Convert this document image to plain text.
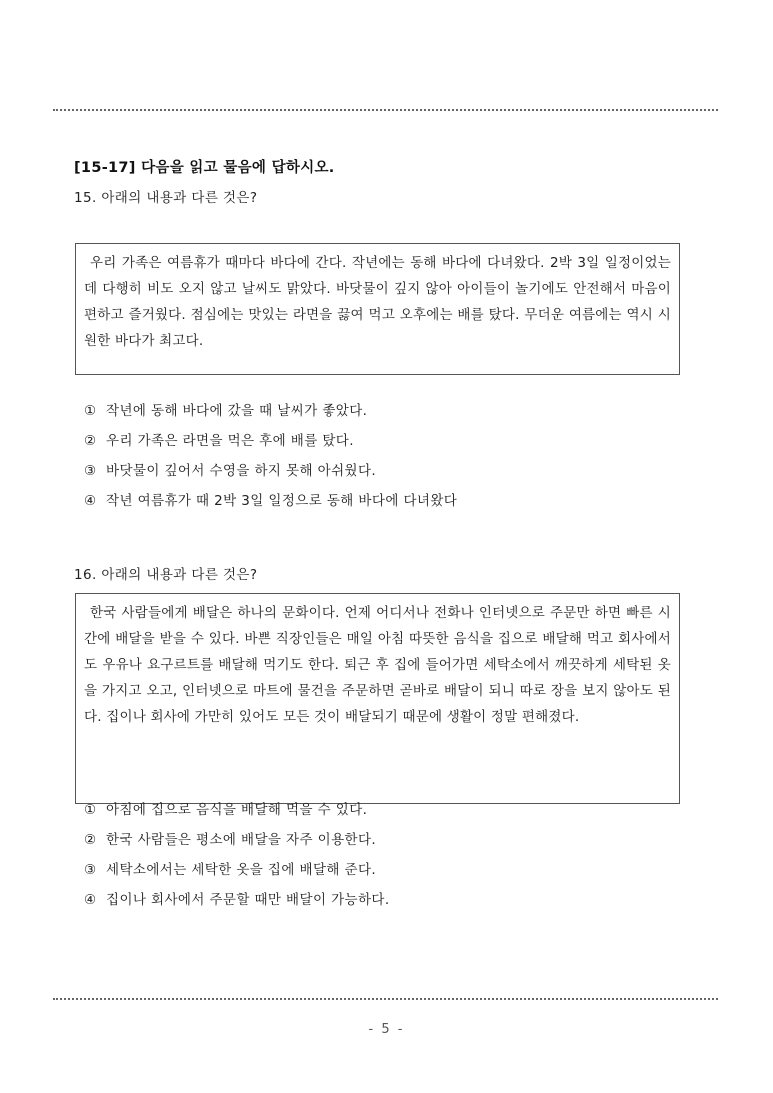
[15-17] 다음을 읽고 물음에 답하시오.
15. 아래의 내용과 다른 것은?
우리 가족은 여름휴가 때마다 바다에 간다. 작년에는 동해 바다에 다녀왔다. 2박 3일 일정이었는데 다행히 비도 오지 않고 날씨도 맑았다. 바닷물이 깊지 않아 아이들이 놀기에도 안전해서 마음이 편하고 즐거웠다. 점심에는 맛있는 라면을 끓여 먹고 오후에는 배를 탔다. 무더운 여름에는 역시 시원한 바다가 최고다.
① 작년에 동해 바다에 갔을 때 날씨가 좋았다.
② 우리 가족은 라면을 먹은 후에 배를 탔다.
③ 바닷물이 깊어서 수영을 하지 못해 아쉬웠다.
④ 작년 여름휴가 때 2박 3일 일정으로 동해 바다에 다녀왔다
16. 아래의 내용과 다른 것은?
한국 사람들에게 배달은 하나의 문화이다. 언제 어디서나 전화나 인터넷으로 주문만 하면 빠른 시간에 배달을 받을 수 있다. 바쁜 직장인들은 매일 아침 따뜻한 음식을 집으로 배달해 먹고 회사에서도 우유나 요구르트를 배달해 먹기도 한다. 퇴근 후 집에 들어가면 세탁소에서 깨끗하게 세탁된 옷을 가지고 오고, 인터넷으로 마트에 물건을 주문하면 곧바로 배달이 되니 따로 장을 보지 않아도 된다. 집이나 회사에 가만히 있어도 모든 것이 배달되기 때문에 생활이 정말 편해졌다.
① 아침에 집으로 음식을 배달해 먹을 수 있다.
② 한국 사람들은 평소에 배달을 자주 이용한다.
③ 세탁소에서는 세탁한 옷을 집에 배달해 준다.
④ 집이나 회사에서 주문할 때만 배달이 가능하다.
- 5 -
